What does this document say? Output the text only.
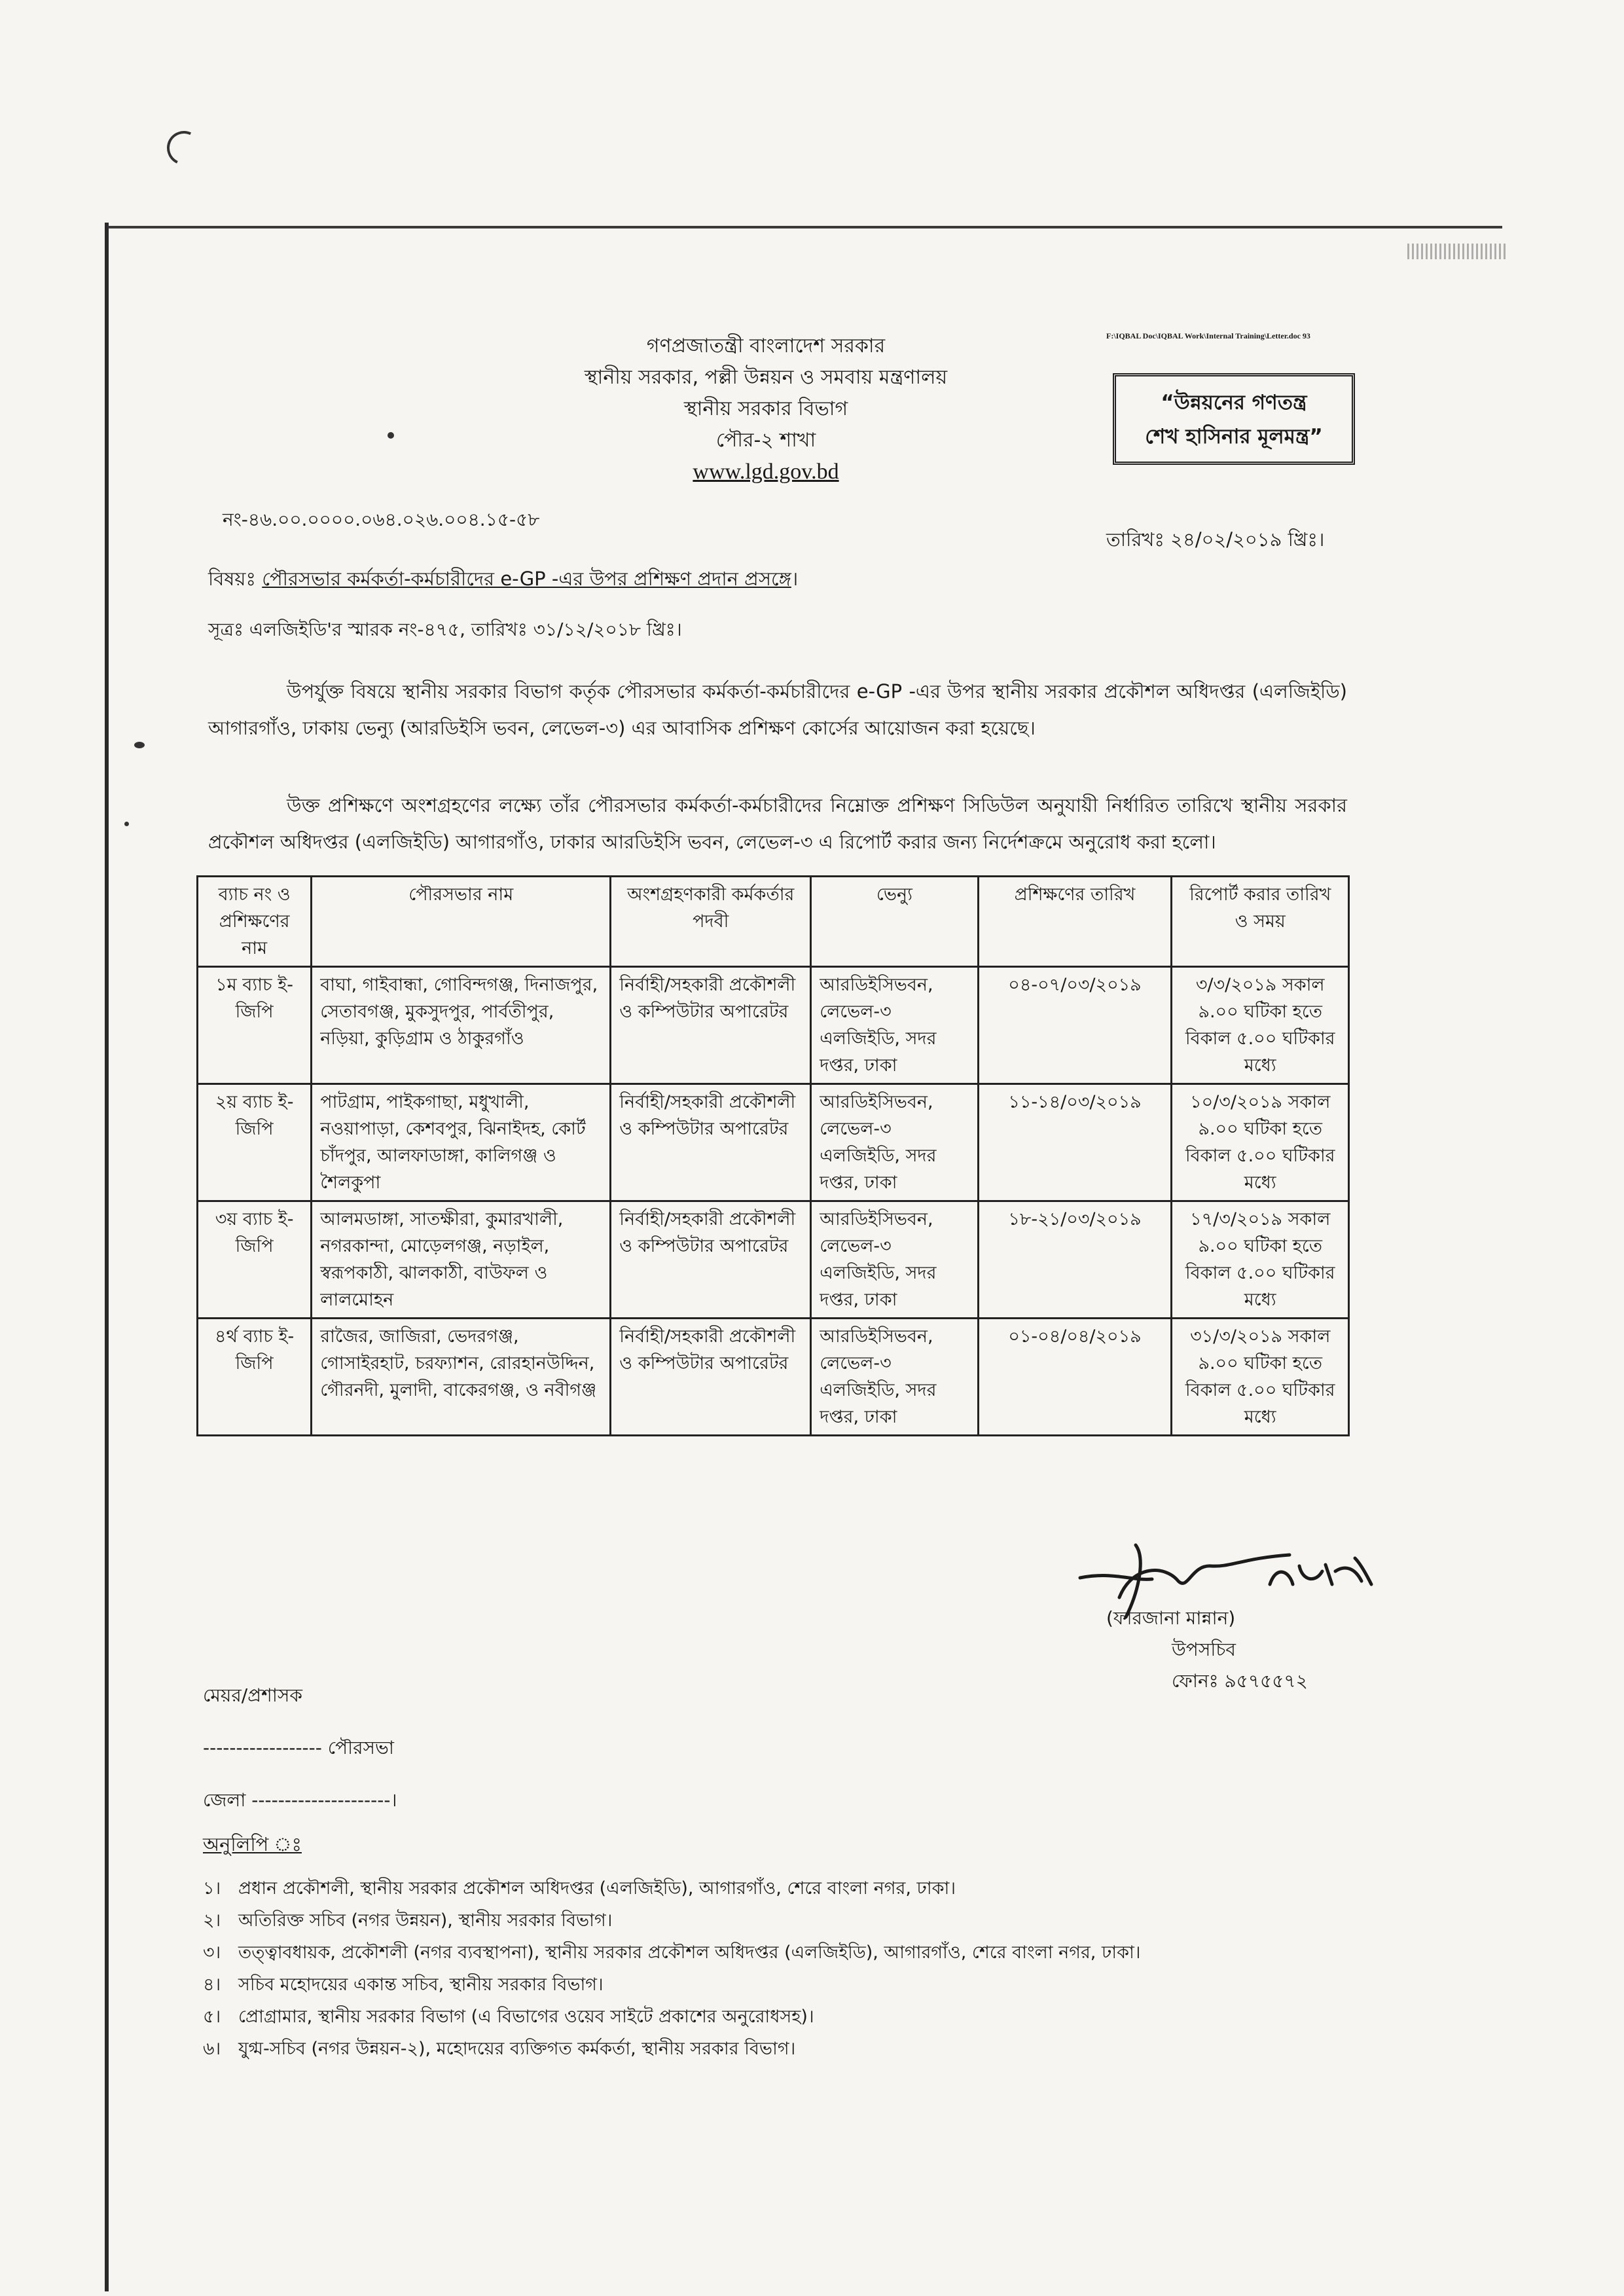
গণপ্রজাতন্ত্রী বাংলাদেশ সরকার
স্থানীয় সরকার, পল্লী উন্নয়ন ও সমবায় মন্ত্রণালয়
স্থানীয় সরকার বিভাগ
পৌর-২ শাখা
www.lgd.gov.bd
F:\IQBAL Doc\IQBAL Work\Internal Training\Letter.doc 93
“উন্নয়নের গণতন্ত্র
শেখ হাসিনার মূলমন্ত্র”
নং-৪৬.০০.০০০০.০৬৪.০২৬.০০৪.১৫-৫৮
তারিখঃ ২৪/০২/২০১৯ খ্রিঃ।
বিষয়ঃ পৌরসভার কর্মকর্তা-কর্মচারীদের e-GP -এর উপর প্রশিক্ষণ প্রদান প্রসঙ্গে।
সূত্রঃ এলজিইডি'র স্মারক নং-৪৭৫, তারিখঃ ৩১/১২/২০১৮ খ্রিঃ।
উপর্যুক্ত বিষয়ে স্থানীয় সরকার বিভাগ কর্তৃক পৌরসভার কর্মকর্তা-কর্মচারীদের e-GP -এর উপর স্থানীয় সরকার প্রকৌশল অধিদপ্তর (এলজিইডি) আগারগাঁও, ঢাকায় ভেন্যু (আরডিইসি ভবন, লেভেল-৩) এর আবাসিক প্রশিক্ষণ কোর্সের আয়োজন করা হয়েছে।
উক্ত প্রশিক্ষণে অংশগ্রহণের লক্ষ্যে তাঁর পৌরসভার কর্মকর্তা-কর্মচারীদের নিম্নোক্ত প্রশিক্ষণ সিডিউল অনুযায়ী নির্ধারিত তারিখে স্থানীয় সরকার প্রকৌশল অধিদপ্তর (এলজিইডি) আগারগাঁও, ঢাকার আরডিইসি ভবন, লেভেল-৩ এ রিপোর্ট করার জন্য নির্দেশক্রমে অনুরোধ করা হলো।
ব্যাচ নং ও প্রশিক্ষণের নাম	পৌরসভার নাম	অংশগ্রহণকারী কর্মকর্তার পদবী	ভেন্যু	প্রশিক্ষণের তারিখ	রিপোর্ট করার তারিখ ও সময়
১ম ব্যাচ ই-জিপি	বাঘা, গাইবান্ধা, গোবিন্দগঞ্জ, দিনাজপুর, সেতাবগঞ্জ, মুকসুদপুর, পার্বতীপুর, নড়িয়া, কুড়িগ্রাম ও ঠাকুরগাঁও	নির্বাহী/সহকারী প্রকৌশলী ও কম্পিউটার অপারেটর	আরডিইসিভবন, লেভেল-৩ এলজিইডি, সদর দপ্তর, ঢাকা	০৪-০৭/০৩/২০১৯	৩/৩/২০১৯ সকাল ৯.০০ ঘটিকা হতে বিকাল ৫.০০ ঘটিকার মধ্যে
২য় ব্যাচ ই-জিপি	পাটগ্রাম, পাইকগাছা, মধুখালী, নওয়াপাড়া, কেশবপুর, ঝিনাইদহ, কোর্ট চাঁদপুর, আলফাডাঙ্গা, কালিগঞ্জ ও শৈলকুপা	নির্বাহী/সহকারী প্রকৌশলী ও কম্পিউটার অপারেটর	আরডিইসিভবন, লেভেল-৩ এলজিইডি, সদর দপ্তর, ঢাকা	১১-১৪/০৩/২০১৯	১০/৩/২০১৯ সকাল ৯.০০ ঘটিকা হতে বিকাল ৫.০০ ঘটিকার মধ্যে
৩য় ব্যাচ ই-জিপি	আলমডাঙ্গা, সাতক্ষীরা, কুমারখালী, নগরকান্দা, মোড়েলগঞ্জ, নড়াইল, স্বরূপকাঠী, ঝালকাঠী, বাউফল ও লালমোহন	নির্বাহী/সহকারী প্রকৌশলী ও কম্পিউটার অপারেটর	আরডিইসিভবন, লেভেল-৩ এলজিইডি, সদর দপ্তর, ঢাকা	১৮-২১/০৩/২০১৯	১৭/৩/২০১৯ সকাল ৯.০০ ঘটিকা হতে বিকাল ৫.০০ ঘটিকার মধ্যে
৪র্থ ব্যাচ ই-জিপি	রাজৈর, জাজিরা, ভেদরগঞ্জ, গোসাইরহাট, চরফ্যাশন, রোরহানউদ্দিন, গৌরনদী, মুলাদী, বাকেরগঞ্জ, ও নবীগঞ্জ	নির্বাহী/সহকারী প্রকৌশলী ও কম্পিউটার অপারেটর	আরডিইসিভবন, লেভেল-৩ এলজিইডি, সদর দপ্তর, ঢাকা	০১-০৪/০৪/২০১৯	৩১/৩/২০১৯ সকাল ৯.০০ ঘটিকা হতে বিকাল ৫.০০ ঘটিকার মধ্যে
(ফারজানা মান্নান)
উপসচিব
ফোনঃ ৯৫৭৫৫৭২
মেয়র/প্রশাসক
------------------ পৌরসভা
জেলা ---------------------।
অনুলিপি ঃ
১। প্রধান প্রকৌশলী, স্থানীয় সরকার প্রকৌশল অধিদপ্তর (এলজিইডি), আগারগাঁও, শেরে বাংলা নগর, ঢাকা।
২। অতিরিক্ত সচিব (নগর উন্নয়ন), স্থানীয় সরকার বিভাগ।
৩। তত্ত্বাবধায়ক, প্রকৌশলী (নগর ব্যবস্থাপনা), স্থানীয় সরকার প্রকৌশল অধিদপ্তর (এলজিইডি), আগারগাঁও, শেরে বাংলা নগর, ঢাকা।
৪। সচিব মহোদয়ের একান্ত সচিব, স্থানীয় সরকার বিভাগ।
৫। প্রোগ্রামার, স্থানীয় সরকার বিভাগ (এ বিভাগের ওয়েব সাইটে প্রকাশের অনুরোধসহ)।
৬। যুগ্ম-সচিব (নগর উন্নয়ন-২), মহোদয়ের ব্যক্তিগত কর্মকর্তা, স্থানীয় সরকার বিভাগ।
